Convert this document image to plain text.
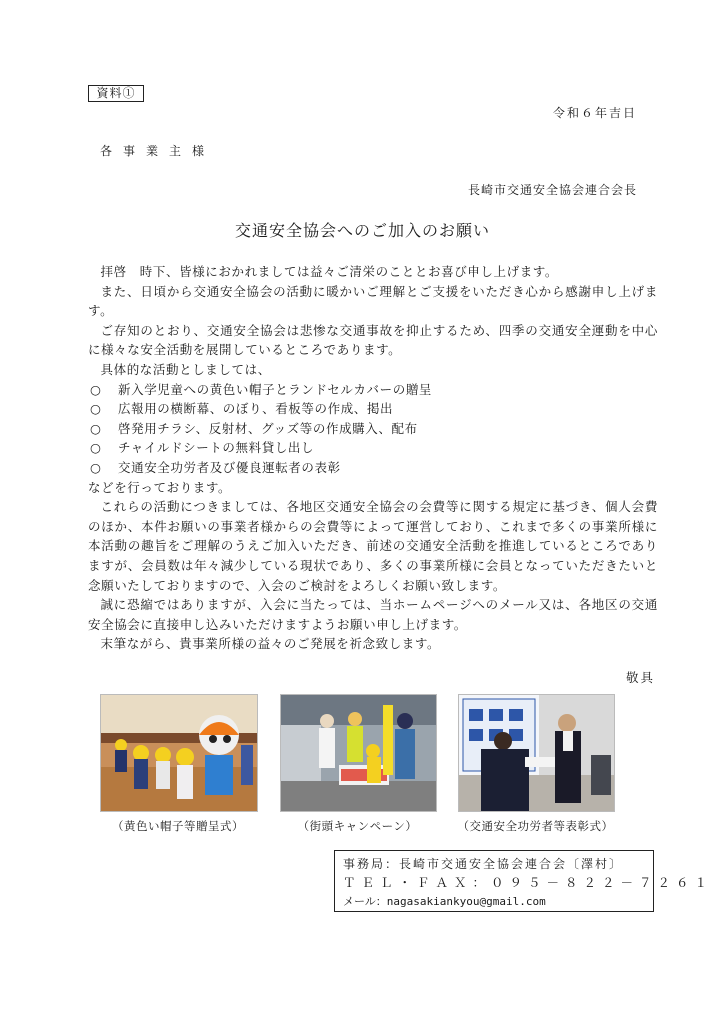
資料①
令和６年吉日
各事業主様
長崎市交通安全協会連合会長
交通安全協会へのご加入のお願い

拝啓　時下、皆様におかれましては益々ご清栄のこととお喜び申し上げます。

また、日頃から交通安全協会の活動に暖かいご理解とご支援をいただき心から感謝申し上げます。

ご存知のとおり、交通安全協会は悲惨な交通事故を抑止するため、四季の交通安全運動を中心に様々な安全活動を展開しているところであります。

具体的な活動としましては、

○	新入学児童への黄色い帽子とランドセルカバーの贈呈

○	広報用の横断幕、のぼり、看板等の作成、掲出

○	啓発用チラシ、反射材、グッズ等の作成購入、配布

○	チャイルドシートの無料貸し出し

○	交通安全功労者及び優良運転者の表彰

などを行っております。

これらの活動につきましては、各地区交通安全協会の会費等に関する規定に基づき、個人会費のほか、本件お願いの事業者様からの会費等によって運営しており、これまで多くの事業所様に本活動の趣旨をご理解のうえご加入いただき、前述の交通安全活動を推進しているところでありますが、会員数は年々減少している現状であり、多くの事業所様に会員となっていただきたいと念願いたしておりますので、入会のご検討をよろしくお願い致します。

誠に恐縮ではありますが、入会に当たっては、当ホームページへのメール又は、各地区の交通安全協会に直接申し込みいただけますようお願い申し上げます。

末筆ながら、貴事業所様の益々のご発展を祈念致します。

敬具
（黄色い帽子等贈呈式）	（街頭キャンペーン）	（交通安全功労者等表彰式）
事務局：長崎市交通安全協会連合会〔澤村〕
ＴＥＬ・ＦＡＸ：０９５－８２２－７２６１
メール：nagasakiankyou@gmail.com
